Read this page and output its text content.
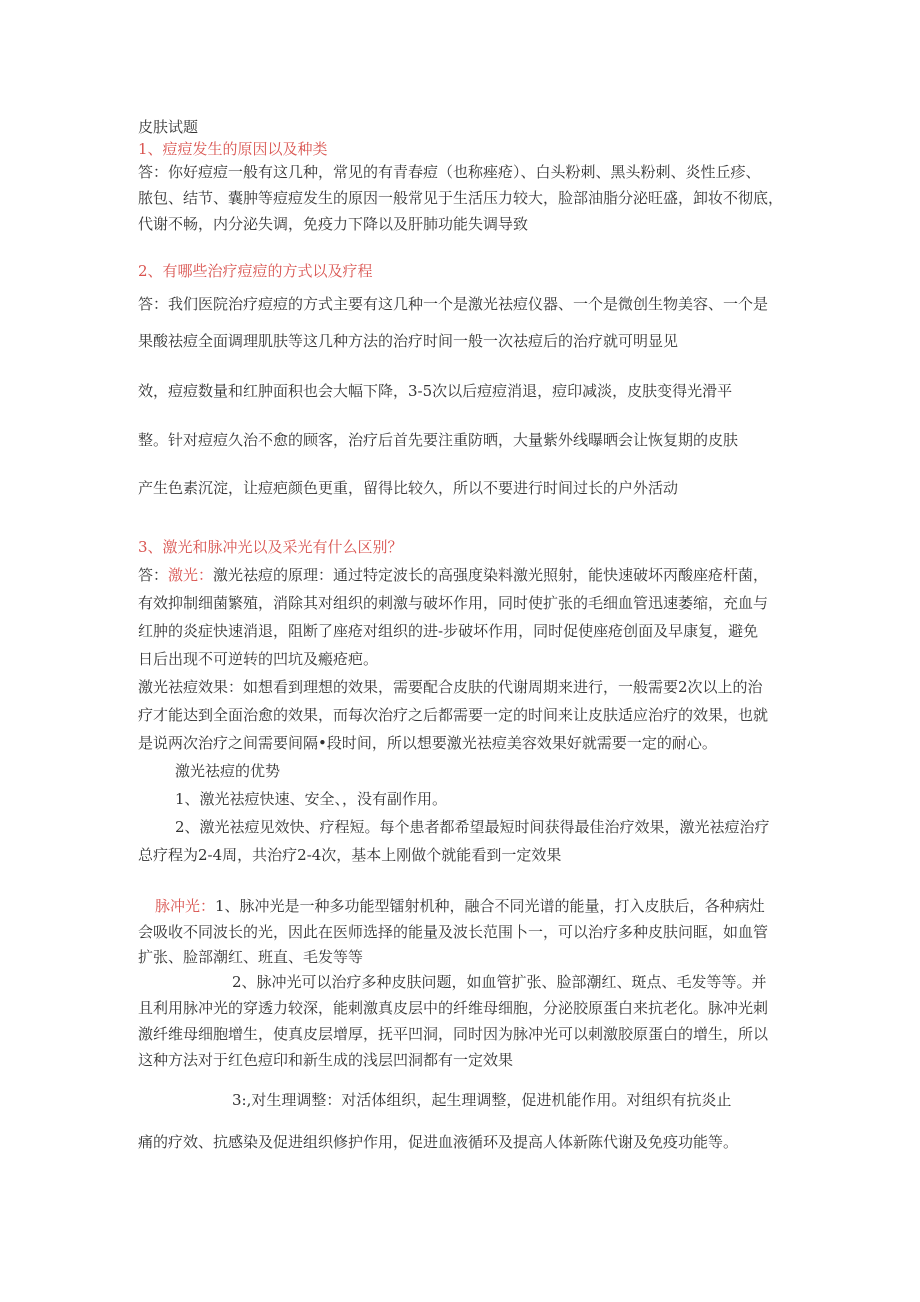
皮肤试题
1、痘痘发生的原因以及种类
答：你好痘痘一般有这几种，常见的有青春痘（也称痤疮）、白头粉刺、黑头粉刺、炎性丘疹、
脓包、结节、囊肿等痘痘发生的原因一般常见于生活压力较大，脸部油脂分泌旺盛，卸妆不彻底，
代谢不畅，内分泌失调，免疫力下降以及肝肺功能失调导致
2、有哪些治疗痘痘的方式以及疗程
答：我们医院治疗痘痘的方式主要有这几种一个是激光祛痘仪器、一个是微创生物美容、一个是
果酸祛痘全面调理肌肤等这几种方法的治疗时间一般一次祛痘后的治疗就可明显见
效，痘痘数量和红肿面积也会大幅下降，3-5次以后痘痘消退，痘印减淡，皮肤变得光滑平
整。针对痘痘久治不愈的顾客，治疗后首先要注重防晒，大量紫外线曝晒会让恢复期的皮肤
产生色素沉淀，让痘疤颜色更重，留得比较久，所以不要进行时间过长的户外活动
3、激光和脉冲光以及采光有什么区别？
答：激光：激光祛痘的原理：通过特定波长的高强度染料激光照射，能快速破坏丙酸座疮杆菌，
有效抑制细菌繁殖，消除其对组织的刺激与破坏作用，同时使扩张的毛细血管迅速萎缩，充血与
红肿的炎症快速消退，阻断了座疮对组织的进-步破坏作用，同时促使座疮创面及早康复，避免
日后出现不可逆转的凹坑及瘢疮疤。
激光祛痘效果：如想看到理想的效果，需要配合皮肤的代谢周期来进行，一般需要2次以上的治
疗才能达到全面治愈的效果，而每次治疗之后都需要一定的时间来让皮肤适应治疗的效果，也就
是说两次治疗之间需要间隔•段时间，所以想要激光祛痘美容效果好就需要一定的耐心。
激光祛痘的优势
1、激光祛痘快速、安全、，没有副作用。
2、激光祛痘见效快、疗程短。每个患者都希望最短时间获得最佳治疗效果，激光祛痘治疗
总疗程为2-4周，共治疗2-4次，基本上刚做个就能看到一定效果
脉冲光：1、脉冲光是一种多功能型镭射机种，融合不同光谱的能量，打入皮肤后，各种病灶
会吸收不同波长的光，因此在医师选择的能量及波长范围卜一，可以治疗多种皮肤问眶，如血管
扩张、脸部潮红、班直、毛发等等
2、脉冲光可以治疗多种皮肤问题，如血管扩张、脸部潮红、斑点、毛发等等。并
且利用脉冲光的穿透力较深，能刺激真皮层中的纤维母细胞，分泌胶原蛋白来抗老化。脉冲光刺
激纤维母细胞增生，使真皮层增厚，抚平凹洞，同时因为脉冲光可以刺激胶原蛋白的增生，所以
这种方法对于红色痘印和新生成的浅层凹洞都有一定效果
3:,对生理调整：对活体组织，起生理调整，促进机能作用。对组织有抗炎止
痛的疗效、抗感染及促进组织修护作用，促进血液循环及提高人体新陈代谢及免疫功能等。
